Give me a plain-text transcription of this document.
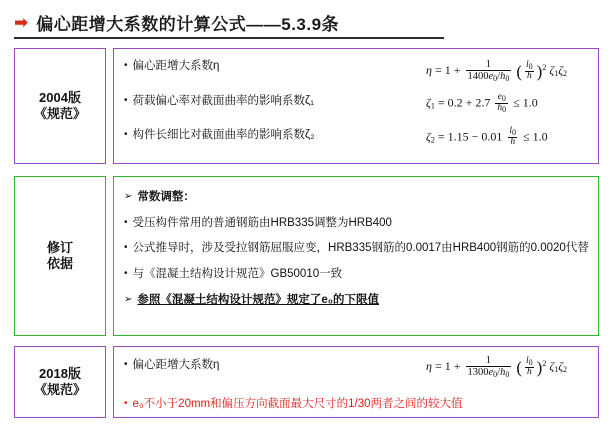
➡ 偏心距增大系数的计算公式——5.3.9条
2004版
《规范》
• 偏心距增大系数η
• 荷载偏心率对截面曲率的影响系数ζ₁
• 构件长细比对截面曲率的影响系数ζ₂
$\eta = 1 + \frac{1}{1400e_0/h_0}$ ( $\frac{l_0}{h} )^2$ $\zeta_1\zeta_2$
$\zeta_1 = 0.2 + 2.7 \frac{e_0}{h_0} \le 1.0$
$\zeta_2 = 1.15 - 0.01 \frac{l_0}{h} \le 1.0$
修订
依据
➢ 常数调整：
• 受压构件常用的普通钢筋由HRB335调整为HRB400
• 公式推导时，涉及受拉钢筋屈服应变，HRB335钢筋的0.0017由HRB400钢筋的0.0020代替
• 与《混凝土结构设计规范》GB50010一致
➢ 参照《混凝土结构设计规范》规定了e₀的下限值
2018版
《规范》
• 偏心距增大系数η
• e₀不小于20mm和偏压方向截面最大尺寸的1/30两者之间的较大值
$\eta = 1 + \frac{1}{1300e_0/h_0}$ ( $\frac{l_0}{h} )^2$ $\zeta_1\zeta_2$
